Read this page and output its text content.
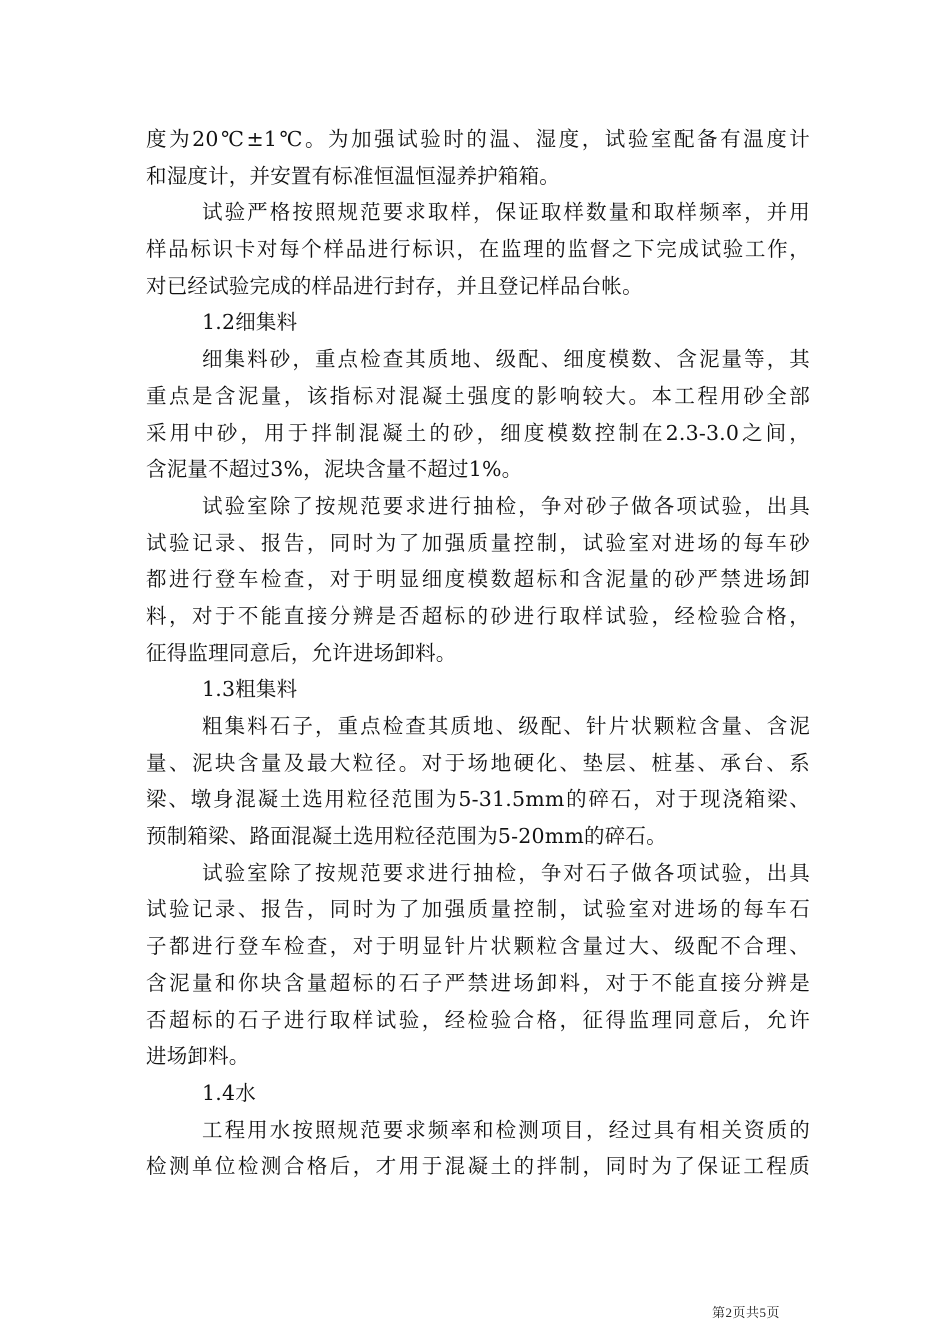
度为20℃±1℃。为加强试验时的温、湿度，试验室配备有温度计
和湿度计，并安置有标准恒温恒湿养护箱箱。
试验严格按照规范要求取样，保证取样数量和取样频率，并用
样品标识卡对每个样品进行标识，在监理的监督之下完成试验工作，
对已经试验完成的样品进行封存，并且登记样品台帐。
1.2细集料
细集料砂，重点检查其质地、级配、细度模数、含泥量等，其
重点是含泥量，该指标对混凝土强度的影响较大。本工程用砂全部
采用中砂，用于拌制混凝土的砂，细度模数控制在2.3-3.0之间，
含泥量不超过3%，泥块含量不超过1%。
试验室除了按规范要求进行抽检，争对砂子做各项试验，出具
试验记录、报告，同时为了加强质量控制，试验室对进场的每车砂
都进行登车检查，对于明显细度模数超标和含泥量的砂严禁进场卸
料，对于不能直接分辨是否超标的砂进行取样试验，经检验合格，
征得监理同意后，允许进场卸料。
1.3粗集料
粗集料石子，重点检查其质地、级配、针片状颗粒含量、含泥
量、泥块含量及最大粒径。对于场地硬化、垫层、桩基、承台、系
梁、墩身混凝土选用粒径范围为5-31.5mm的碎石，对于现浇箱梁、
预制箱梁、路面混凝土选用粒径范围为5-20mm的碎石。
试验室除了按规范要求进行抽检，争对石子做各项试验，出具
试验记录、报告，同时为了加强质量控制，试验室对进场的每车石
子都进行登车检查，对于明显针片状颗粒含量过大、级配不合理、
含泥量和你块含量超标的石子严禁进场卸料，对于不能直接分辨是
否超标的石子进行取样试验，经检验合格，征得监理同意后，允许
进场卸料。
1.4水
工程用水按照规范要求频率和检测项目，经过具有相关资质的
检测单位检测合格后，才用于混凝土的拌制，同时为了保证工程质
第2页共5页
